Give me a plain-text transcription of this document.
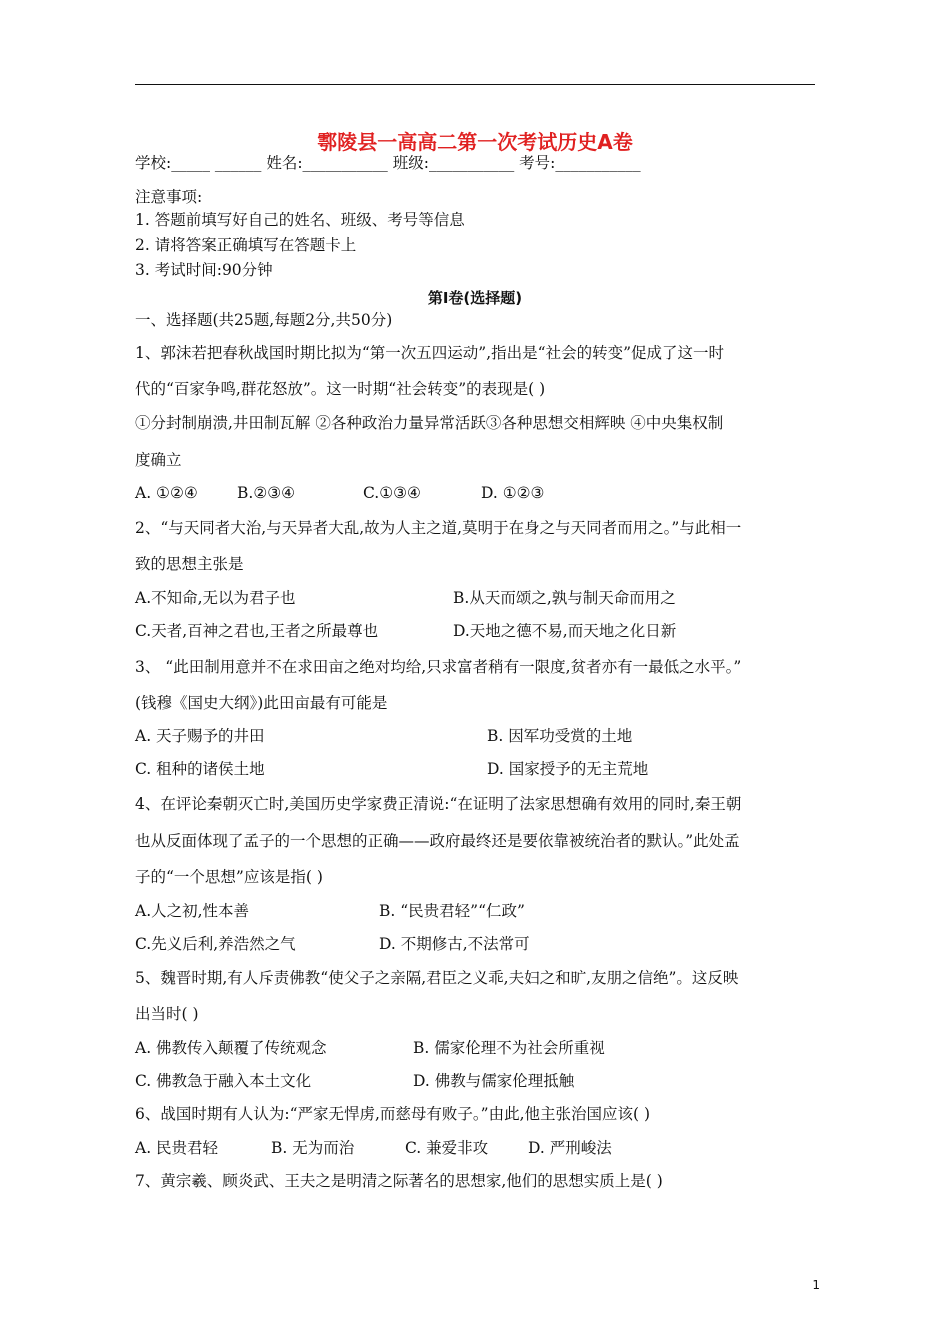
鄠陵县一高高二第一次考试历史A卷
学校:_____ ______ 姓名:___________ 班级:___________ 考号:___________
注意事项:
1. 答题前填写好自己的姓名、班级、考号等信息
2. 请将答案正确填写在答题卡上
3. 考试时间:90分钟
第I卷(选择题)
一、选择题(共25题,每题2分,共50分)
1、郭沫若把春秋战国时期比拟为“第一次五四运动”,指出是“社会的转变”促成了这一时
代的“百家争鸣,群花怒放”。这一时期“社会转变”的表现是( )
①分封制崩溃,井田制瓦解 ②各种政治力量异常活跃③各种思想交相辉映 ④中央集权制
度确立
A. ①②④	B.②③④	C.①③④	D. ①②③
2、“与天同者大治,与天异者大乱,故为人主之道,莫明于在身之与天同者而用之。”与此相一
致的思想主张是
A.不知命,无以为君子也	B.从天而颂之,孰与制天命而用之
C.天者,百神之君也,王者之所最尊也	D.天地之德不易,而天地之化日新
3、 “此田制用意并不在求田亩之绝对均给,只求富者稍有一限度,贫者亦有一最低之水平。”
(钱穆《国史大纲》)此田亩最有可能是
A. 天子赐予的井田	B. 因军功受赏的土地
C. 租种的诸侯土地	D. 国家授予的无主荒地
4、在评论秦朝灭亡时,美国历史学家费正清说:“在证明了法家思想确有效用的同时,秦王朝
也从反面体现了孟子的一个思想的正确——政府最终还是要依靠被统治者的默认。”此处孟
子的“一个思想”应该是指( )
A.人之初,性本善	B. “民贵君轻”“仁政”
C.先义后利,养浩然之气	D. 不期修古,不法常可
5、魏晋时期,有人斥责佛教“使父子之亲隔,君臣之义乖,夫妇之和旷,友朋之信绝”。这反映
出当时( )
A. 佛教传入颠覆了传统观念	B. 儒家伦理不为社会所重视
C. 佛教急于融入本土文化	D. 佛教与儒家伦理抵触
6、战国时期有人认为:“严家无悍虏,而慈母有败子。”由此,他主张治国应该( )
A. 民贵君轻	B. 无为而治	C. 兼爱非攻	D. 严刑峻法
7、黄宗羲、顾炎武、王夫之是明清之际著名的思想家,他们的思想实质上是( )
1
